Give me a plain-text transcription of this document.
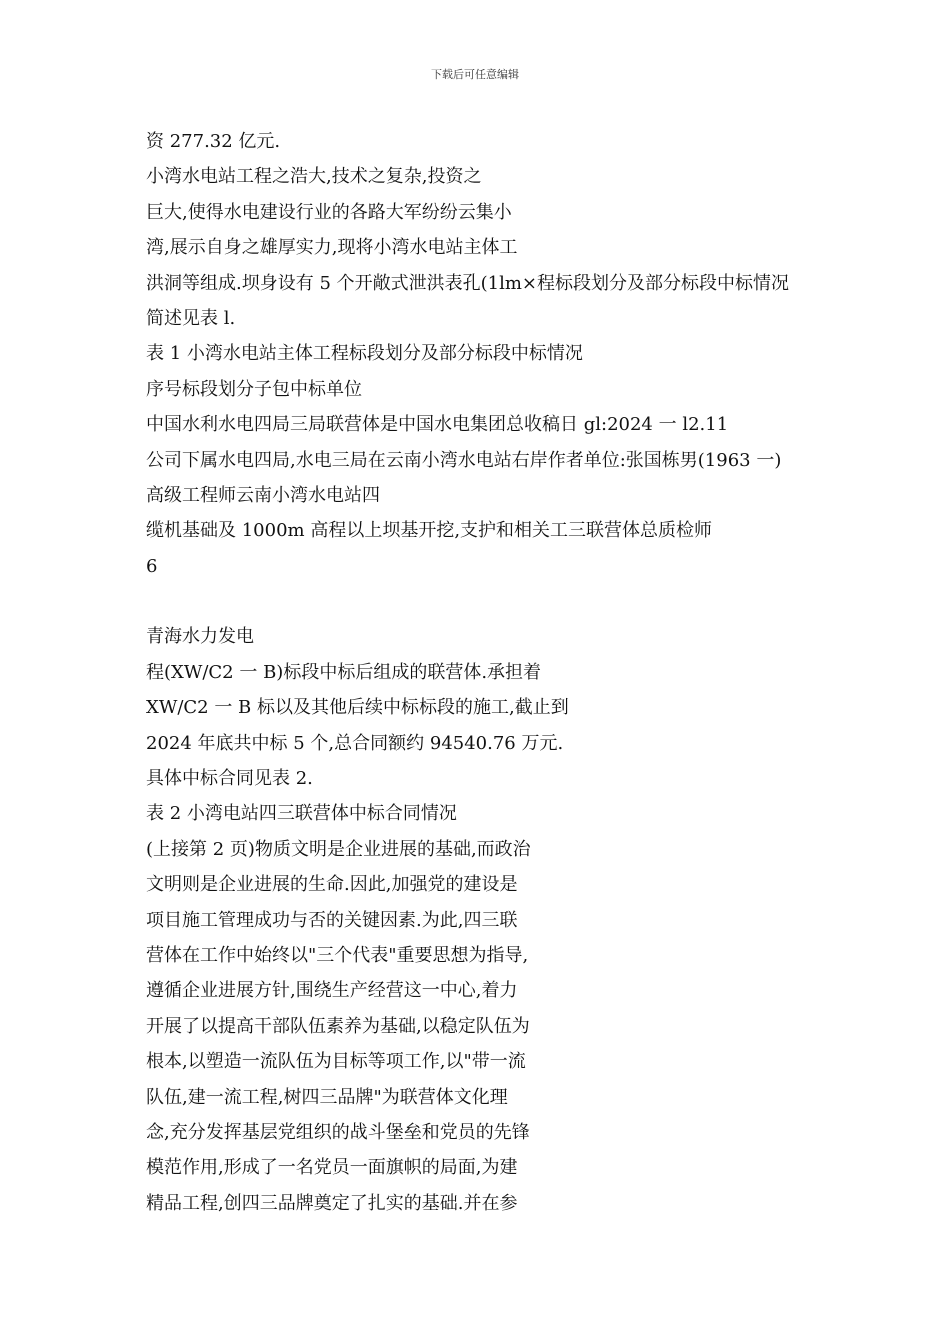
下载后可任意编辑
资 277.32 亿元.
小湾水电站工程之浩大,技术之复杂,投资之
巨大,使得水电建设行业的各路大军纷纷云集小
湾,展示自身之雄厚实力,现将小湾水电站主体工
洪洞等组成.坝身设有 5 个开敞式泄洪表孔(1lm×程标段划分及部分标段中标情况
简述见表 l.
表 1 小湾水电站主体工程标段划分及部分标段中标情况
序号标段划分子包中标单位
中国水利水电四局三局联营体是中国水电集团总收稿日 gl:2024 一 l2.11
公司下属水电四局,水电三局在云南小湾水电站右岸作者单位:张国栋男(1963 一)
高级工程师云南小湾水电站四
缆机基础及 1000m 高程以上坝基开挖,支护和相关工三联营体总质检师
6
青海水力发电
程(XW/C2 一 B)标段中标后组成的联营体.承担着
XW/C2 一 B 标以及其他后续中标标段的施工,截止到
2024 年底共中标 5 个,总合同额约 94540.76 万元.
具体中标合同见表 2.
表 2 小湾电站四三联营体中标合同情况
(上接第 2 页)物质文明是企业进展的基础,而政治
文明则是企业进展的生命.因此,加强党的建设是
项目施工管理成功与否的关键因素.为此,四三联
营体在工作中始终以"三个代表"重要思想为指导,
遵循企业进展方针,围绕生产经营这一中心,着力
开展了以提高干部队伍素养为基础,以稳定队伍为
根本,以塑造一流队伍为目标等项工作,以"带一流
队伍,建一流工程,树四三品牌"为联营体文化理
念,充分发挥基层党组织的战斗堡垒和党员的先锋
模范作用,形成了一名党员一面旗帜的局面,为建
精品工程,创四三品牌奠定了扎实的基础.并在参
